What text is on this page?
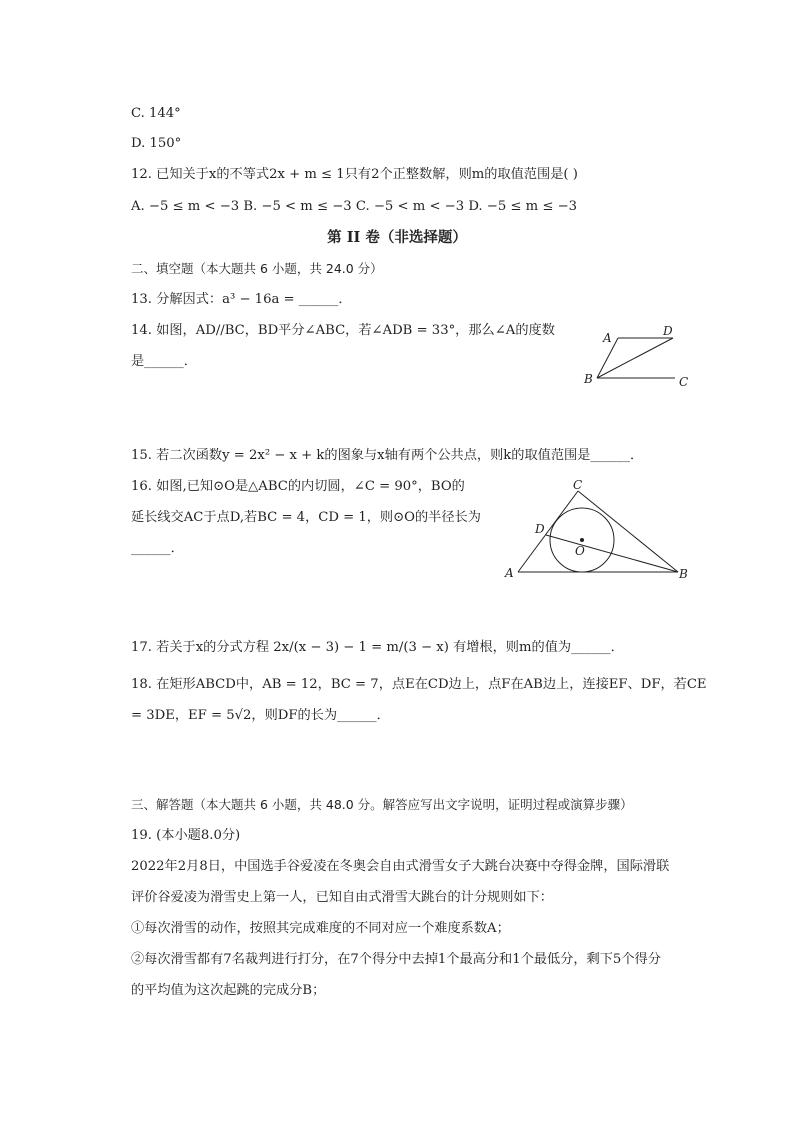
C. 144°
D. 150°
12. 已知关于x的不等式2x + m ≤ 1只有2个正整数解，则m的取值范围是( )
A. −5 ≤ m < −3 B. −5 < m ≤ −3 C. −5 < m < −3 D. −5 ≤ m ≤ −3
第 II 卷（非选择题）
二、填空题（本大题共 6 小题，共 24.0 分）
13. 分解因式：a³ − 16a = ______．
14. 如图，AD//BC，BD平分∠ABC，若∠ADB = 33°，那么∠A的度数
是______．
15. 若二次函数y = 2x² − x + k的图象与x轴有两个公共点，则k的取值范围是______．
16. 如图,已知⊙O是△ABC的内切圆，∠C = 90°，BO的
延长线交AC于点D,若BC = 4，CD = 1，则⊙O的半径长为
______．
17. 若关于x的分式方程 2x/(x − 3) − 1 = m/(3 − x) 有增根，则m的值为______．
18. 在矩形ABCD中，AB = 12，BC = 7，点E在CD边上，点F在AB边上，连接EF、DF，若CE
= 3DE，EF = 5√2，则DF的长为______．
三、解答题（本大题共 6 小题，共 48.0 分。解答应写出文字说明，证明过程或演算步骤）
19. (本小题8.0分)
2022年2月8日，中国选手谷爱凌在冬奥会自由式滑雪女子大跳台决赛中夺得金牌，国际滑联
评价谷爱凌为滑雪史上第一人，已知自由式滑雪大跳台的计分规则如下：
①每次滑雪的动作，按照其完成难度的不同对应一个难度系数A；
②每次滑雪都有7名裁判进行打分，在7个得分中去掉1个最高分和1个最低分，剩下5个得分
的平均值为这次起跳的完成分B；
A	D
B	C
C
D
O
A	B
